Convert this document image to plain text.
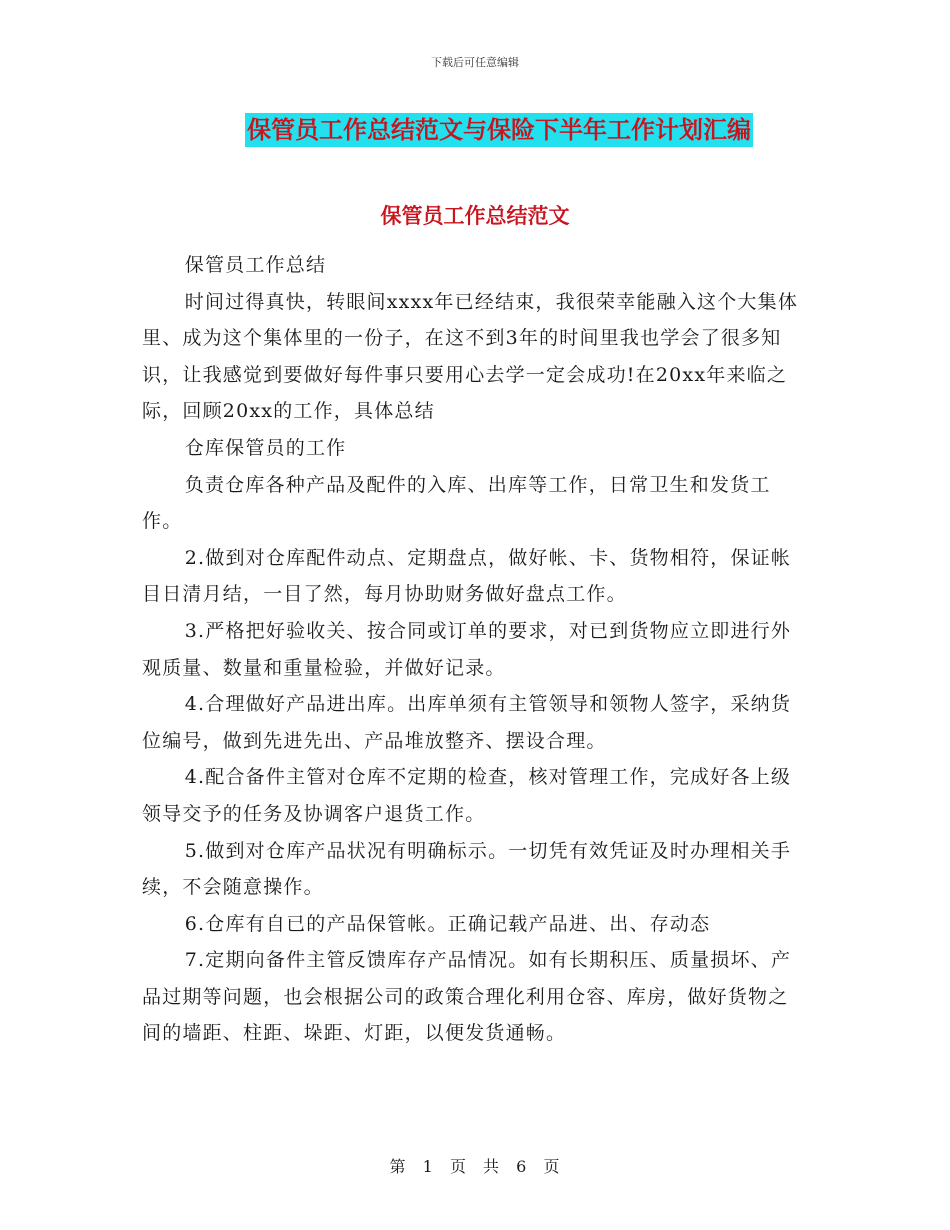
下载后可任意编辑
保管员工作总结范文与保险下半年工作计划汇编
保管员工作总结范文

保管员工作总结

时间过得真快，转眼间xxxx年已经结束，我很荣幸能融入这个大集体里、成为这个集体里的一份子，在这不到3年的时间里我也学会了很多知识，让我感觉到要做好每件事只要用心去学一定会成功!在20xx年来临之际，回顾20xx的工作，具体总结

仓库保管员的工作

负责仓库各种产品及配件的入库、出库等工作，日常卫生和发货工作。

2.做到对仓库配件动点、定期盘点，做好帐、卡、货物相符，保证帐目日清月结，一目了然，每月协助财务做好盘点工作。

3.严格把好验收关、按合同或订单的要求，对已到货物应立即进行外观质量、数量和重量检验，并做好记录。

4.合理做好产品进出库。出库单须有主管领导和领物人签字，采纳货位编号，做到先进先出、产品堆放整齐、摆设合理。

4.配合备件主管对仓库不定期的检查，核对管理工作，完成好各上级领导交予的任务及协调客户退货工作。

5.做到对仓库产品状况有明确标示。一切凭有效凭证及时办理相关手续，不会随意操作。

6.仓库有自已的产品保管帐。正确记载产品进、出、存动态

7.定期向备件主管反馈库存产品情况。如有长期积压、质量损坏、产品过期等问题，也会根据公司的政策合理化利用仓容、库房，做好货物之间的墙距、柱距、垛距、灯距，以便发货通畅。

第 1 页 共 6 页
